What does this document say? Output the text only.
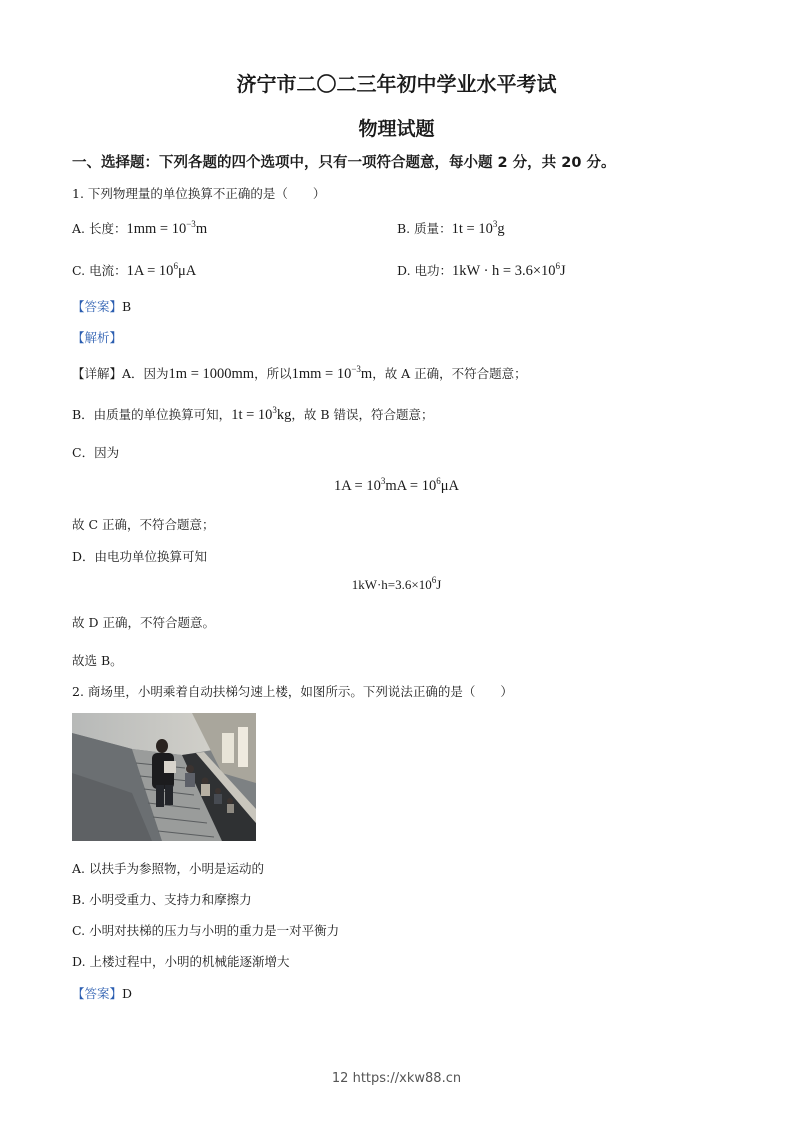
济宁市二〇二三年初中学业水平考试
物理试题
一、选择题：下列各题的四个选项中，只有一项符合题意，每小题 2 分，共 20 分。
1. 下列物理量的单位换算不正确的是（　　）
A. 长度：$1mm = 10^{-3}m$	B. 质量：$1t = 10^3g$
C. 电流：$1A = 10^6\mu A$	D. 电功：$1kW \cdot h = 3.6\times 10^6J$
【答案】B
【解析】
【详解】A．因为1m = 1000mm，所以$1mm = 10^{-3}m$，故 A 正确，不符合题意；
B．由质量的单位换算可知，$1t = 10^3kg$，故 B 错误，符合题意；
C．因为
$1A = 10^3mA = 10^6\mu A$
故 C 正确，不符合题意；
D．由电功单位换算可知
$1kW\cdot h=3.6\times 10^6J$
故 D 正确，不符合题意。
故选 B。
2. 商场里，小明乘着自动扶梯匀速上楼，如图所示。下列说法正确的是（　　）
A. 以扶手为参照物，小明是运动的
B. 小明受重力、支持力和摩擦力
C. 小明对扶梯的压力与小明的重力是一对平衡力
D. 上楼过程中，小明的机械能逐渐增大
【答案】D
12 https://xkw88.cn
